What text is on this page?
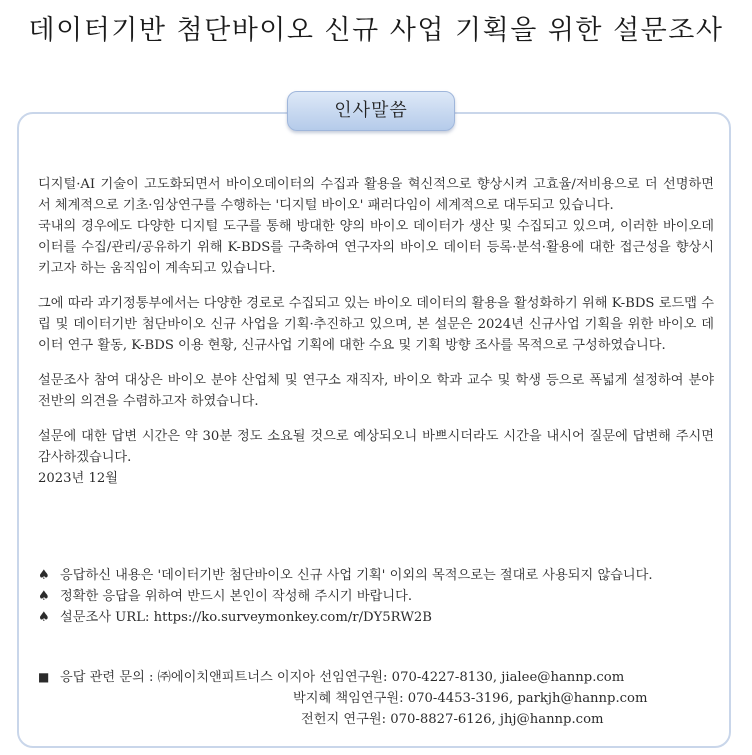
데이터기반 첨단바이오 신규 사업 기획을 위한 설문조사
인사말씀

디지털·AI 기술이 고도화되면서 바이오데이터의 수집과 활용을 혁신적으로 향상시켜 고효율/저비용으로 더 선명하면서 체계적으로 기초·임상연구를 수행하는 '디지털 바이오' 패러다임이 세계적으로 대두되고 있습니다.

국내의 경우에도 다양한 디지털 도구를 통해 방대한 양의 바이오 데이터가 생산 및 수집되고 있으며, 이러한 바이오데이터를 수집/관리/공유하기 위해 K-BDS를 구축하여 연구자의 바이오 데이터 등록·분석·활용에 대한 접근성을 향상시키고자 하는 움직임이 계속되고 있습니다.

그에 따라 과기정통부에서는 다양한 경로로 수집되고 있는 바이오 데이터의 활용을 활성화하기 위해 K-BDS 로드맵 수립 및 데이터기반 첨단바이오 신규 사업을 기획·추진하고 있으며, 본 설문은 2024년 신규사업 기획을 위한 바이오 데이터 연구 활동, K-BDS 이용 현황, 신규사업 기획에 대한 수요 및 기획 방향 조사를 목적으로 구성하였습니다.

설문조사 참여 대상은 바이오 분야 산업체 및 연구소 재직자, 바이오 학과 교수 및 학생 등으로 폭넓게 설정하여 분야 전반의 의견을 수렴하고자 하였습니다.

설문에 대한 답변 시간은 약 30분 정도 소요될 것으로 예상되오니 바쁘시더라도 시간을 내시어 질문에 답변해 주시면 감사하겠습니다.

2023년 12월

♠ 응답하신 내용은 '데이터기반 첨단바이오 신규 사업 기획' 이외의 목적으로는 절대로 사용되지 않습니다.
♠ 정확한 응답을 위하여 반드시 본인이 작성해 주시기 바랍니다.
♠ 설문조사 URL: https://ko.surveymonkey.com/r/DY5RW2B
■ 응답 관련 문의 : ㈜에이치앤피트너스 이지아 선임연구원: 070-4227-8130, jialee@hannp.com
박지혜 책임연구원: 070-4453-3196, parkjh@hannp.com
전헌지 연구원: 070-8827-6126, jhj@hannp.com
